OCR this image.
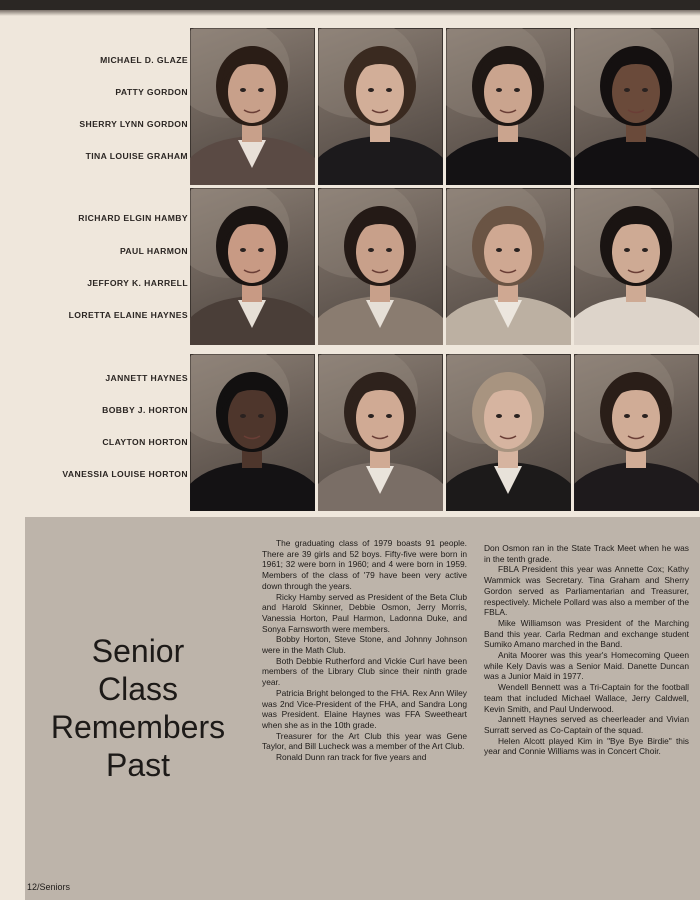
MICHAEL D. GLAZE
PATTY GORDON
SHERRY LYNN GORDON
TINA LOUISE GRAHAM
RICHARD ELGIN HAMBY
PAUL HARMON
JEFFORY K. HARRELL
LORETTA ELAINE HAYNES
JANNETT HAYNES
BOBBY J. HORTON
CLAYTON HORTON
VANESSIA LOUISE HORTON
Senior
Class
Remembers
Past

The graduating class of 1979 boasts 91 people. There are 39 girls and 52 boys. Fifty-five were born in 1961; 32 were born in 1960; and 4 were born in 1959. Members of the class of '79 have been very active down through the years.

Ricky Hamby served as President of the Beta Club and Harold Skinner, Debbie Osmon, Jerry Morris, Vanessia Horton, Paul Harmon, Ladonna Duke, and Sonya Farnsworth were members.

Bobby Horton, Steve Stone, and Johnny Johnson were in the Math Club.

Both Debbie Rutherford and Vickie Curl have been members of the Library Club since their ninth grade year.

Patricia Bright belonged to the FHA. Rex Ann Wiley was 2nd Vice-President of the FHA, and Sandra Long was President. Elaine Haynes was FFA Sweetheart when she as in the 10th grade.

Treasurer for the Art Club this year was Gene Taylor, and Bill Lucheck was a member of the Art Club.

Ronald Dunn ran track for five years and

Don Osmon ran in the State Track Meet when he was in the tenth grade.

FBLA President this year was Annette Cox; Kathy Wammick was Secretary. Tina Graham and Sherry Gordon served as Parliamentarian and Treasurer, respectively. Michele Pollard was also a member of the FBLA.

Mike Williamson was President of the Marching Band this year. Carla Redman and exchange student Sumiko Amano marched in the Band.

Anita Moorer was this year's Homecoming Queen while Kely Davis was a Senior Maid. Danette Duncan was a Junior Maid in 1977.

Wendell Bennett was a Tri-Captain for the football team that included Michael Wallace, Jerry Caldwell, Kevin Smith, and Paul Underwood.

Jannett Haynes served as cheerleader and Vivian Surratt served as Co-Captain of the squad.

Helen Alcott played Kim in "Bye Bye Birdie" this year and Connie Williams was in Concert Choir.

12/Seniors
